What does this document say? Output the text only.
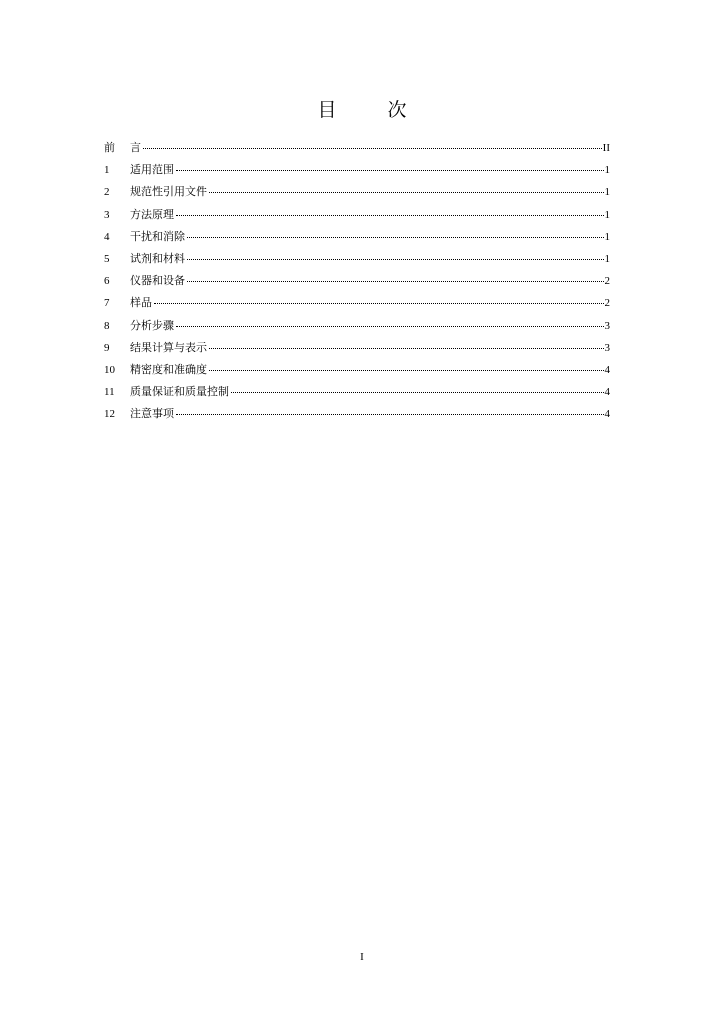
目　次
前	言	II
1	适用范围	1
2	规范性引用文件	1
3	方法原理	1
4	干扰和消除	1
5	试剂和材料	1
6	仪器和设备	2
7	样品	2
8	分析步骤	3
9	结果计算与表示	3
10	精密度和准确度	4
11	质量保证和质量控制	4
12	注意事项	4
I
